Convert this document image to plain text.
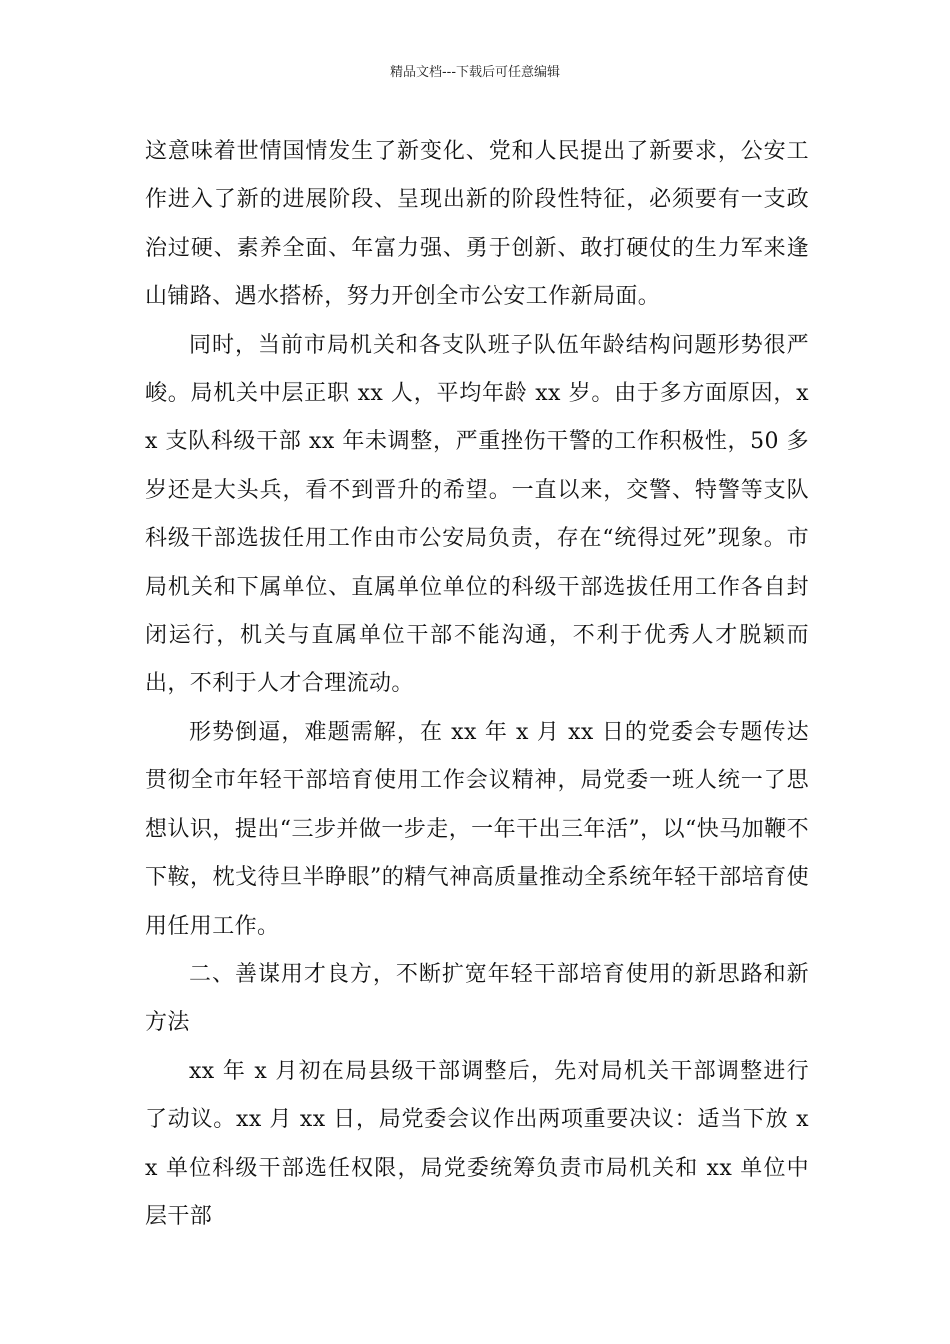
精品文档---下载后可任意编辑

这意味着世情国情发生了新变化、党和人民提出了新要求，公安工作进入了新的进展阶段、呈现出新的阶段性特征，必须要有一支政治过硬、素养全面、年富力强、勇于创新、敢打硬仗的生力军来逢山铺路、遇水搭桥，努力开创全市公安工作新局面。

同时，当前市局机关和各支队班子队伍年龄结构问题形势很严峻。局机关中层正职 xx 人，平均年龄 xx 岁。由于多方面原因，xx 支队科级干部 xx 年未调整，严重挫伤干警的工作积极性，50 多岁还是大头兵，看不到晋升的希望。一直以来，交警、特警等支队科级干部选拔任用工作由市公安局负责，存在“统得过死”现象。市局机关和下属单位、直属单位单位的科级干部选拔任用工作各自封闭运行，机关与直属单位干部不能沟通，不利于优秀人才脱颖而出，不利于人才合理流动。

形势倒逼，难题需解，在 xx 年 x 月 xx 日的党委会专题传达贯彻全市年轻干部培育使用工作会议精神，局党委一班人统一了思想认识，提出“三步并做一步走，一年干出三年活”，以“快马加鞭不下鞍，枕戈待旦半睁眼”的精气神高质量推动全系统年轻干部培育使用任用工作。

二、善谋用才良方，不断扩宽年轻干部培育使用的新思路和新方法

xx 年 x 月初在局县级干部调整后，先对局机关干部调整进行了动议。xx 月 xx 日，局党委会议作出两项重要决议：适当下放 xx 单位科级干部选任权限，局党委统筹负责市局机关和 xx 单位中层干部
